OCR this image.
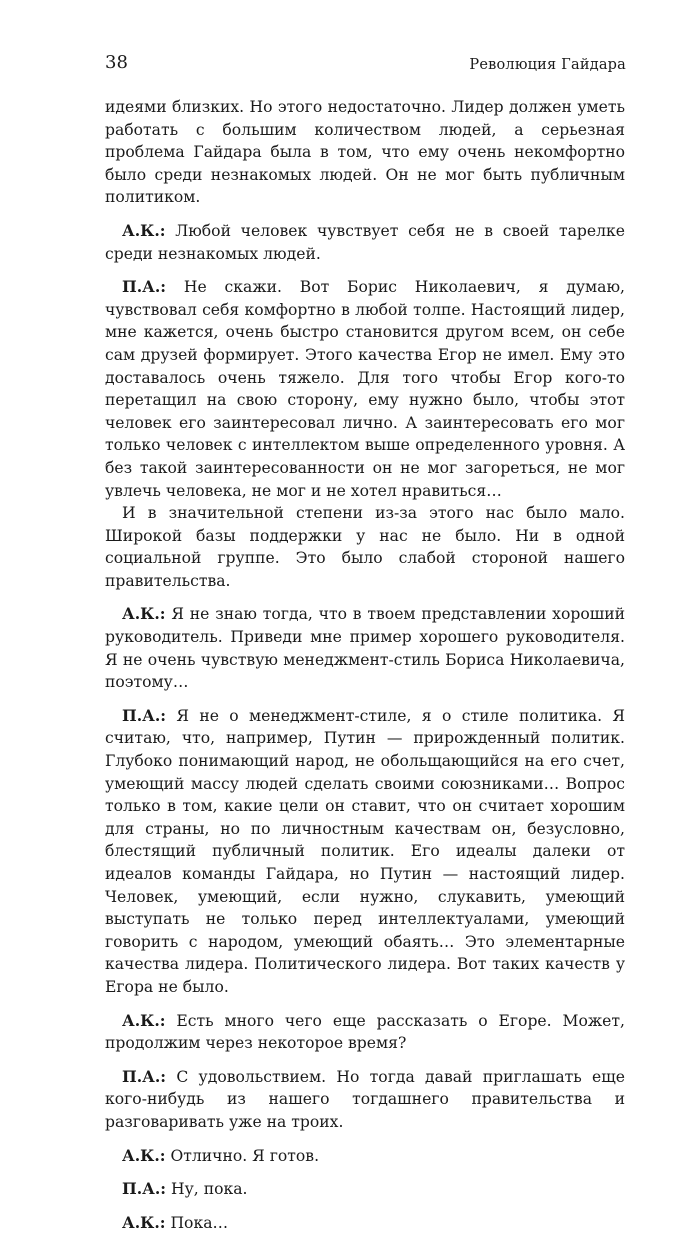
38	Революция Гайдара

идеями близких. Но этого недостаточно. Лидер должен уметь работать с большим количеством людей, а серьезная проблема Гайдара была в том, что ему очень некомфортно было среди незнакомых людей. Он не мог быть публичным политиком.

А.К.: Любой человек чувствует себя не в своей тарелке среди незнакомых людей.

П.А.: Не скажи. Вот Борис Николаевич, я думаю, чувствовал себя комфортно в любой толпе. Настоящий лидер, мне кажется, очень быстро становится другом всем, он себе сам друзей формирует. Этого качества Егор не имел. Ему это доставалось очень тяжело. Для того чтобы Егор кого-то перетащил на свою сторону, ему нужно было, чтобы этот человек его заинтересовал лично. А заинтересовать его мог только человек с интеллектом выше определенного уровня. А без такой заинтересованности он не мог загореться, не мог увлечь человека, не мог и не хотел нравиться…

И в значительной степени из-за этого нас было мало. Широкой базы поддержки у нас не было. Ни в одной социальной группе. Это было слабой стороной нашего правительства.

А.К.: Я не знаю тогда, что в твоем представлении хороший руководитель. Приведи мне пример хорошего руководителя. Я не очень чувствую менеджмент-стиль Бориса Николаевича, поэтому…

П.А.: Я не о менеджмент-стиле, я о стиле политика. Я считаю, что, например, Путин — прирожденный политик. Глубоко понимающий народ, не обольщающийся на его счет, умеющий массу людей сделать своими союзниками… Вопрос только в том, какие цели он ставит, что он считает хорошим для страны, но по личностным качествам он, безусловно, блестящий публичный политик. Его идеалы далеки от идеалов команды Гайдара, но Путин — настоящий лидер. Человек, умеющий, если нужно, слукавить, умеющий выступать не только перед интеллектуалами, умеющий говорить с народом, умеющий обаять… Это элементарные качества лидера. Политического лидера. Вот таких качеств у Егора не было.

А.К.: Есть много чего еще рассказать о Егоре. Может, продолжим через некоторое время?

П.А.: С удовольствием. Но тогда давай приглашать еще кого-нибудь из нашего тогдашнего правительства и разговаривать уже на троих.

А.К.: Отлично. Я готов.

П.А.: Ну, пока.

А.К.: Пока…
